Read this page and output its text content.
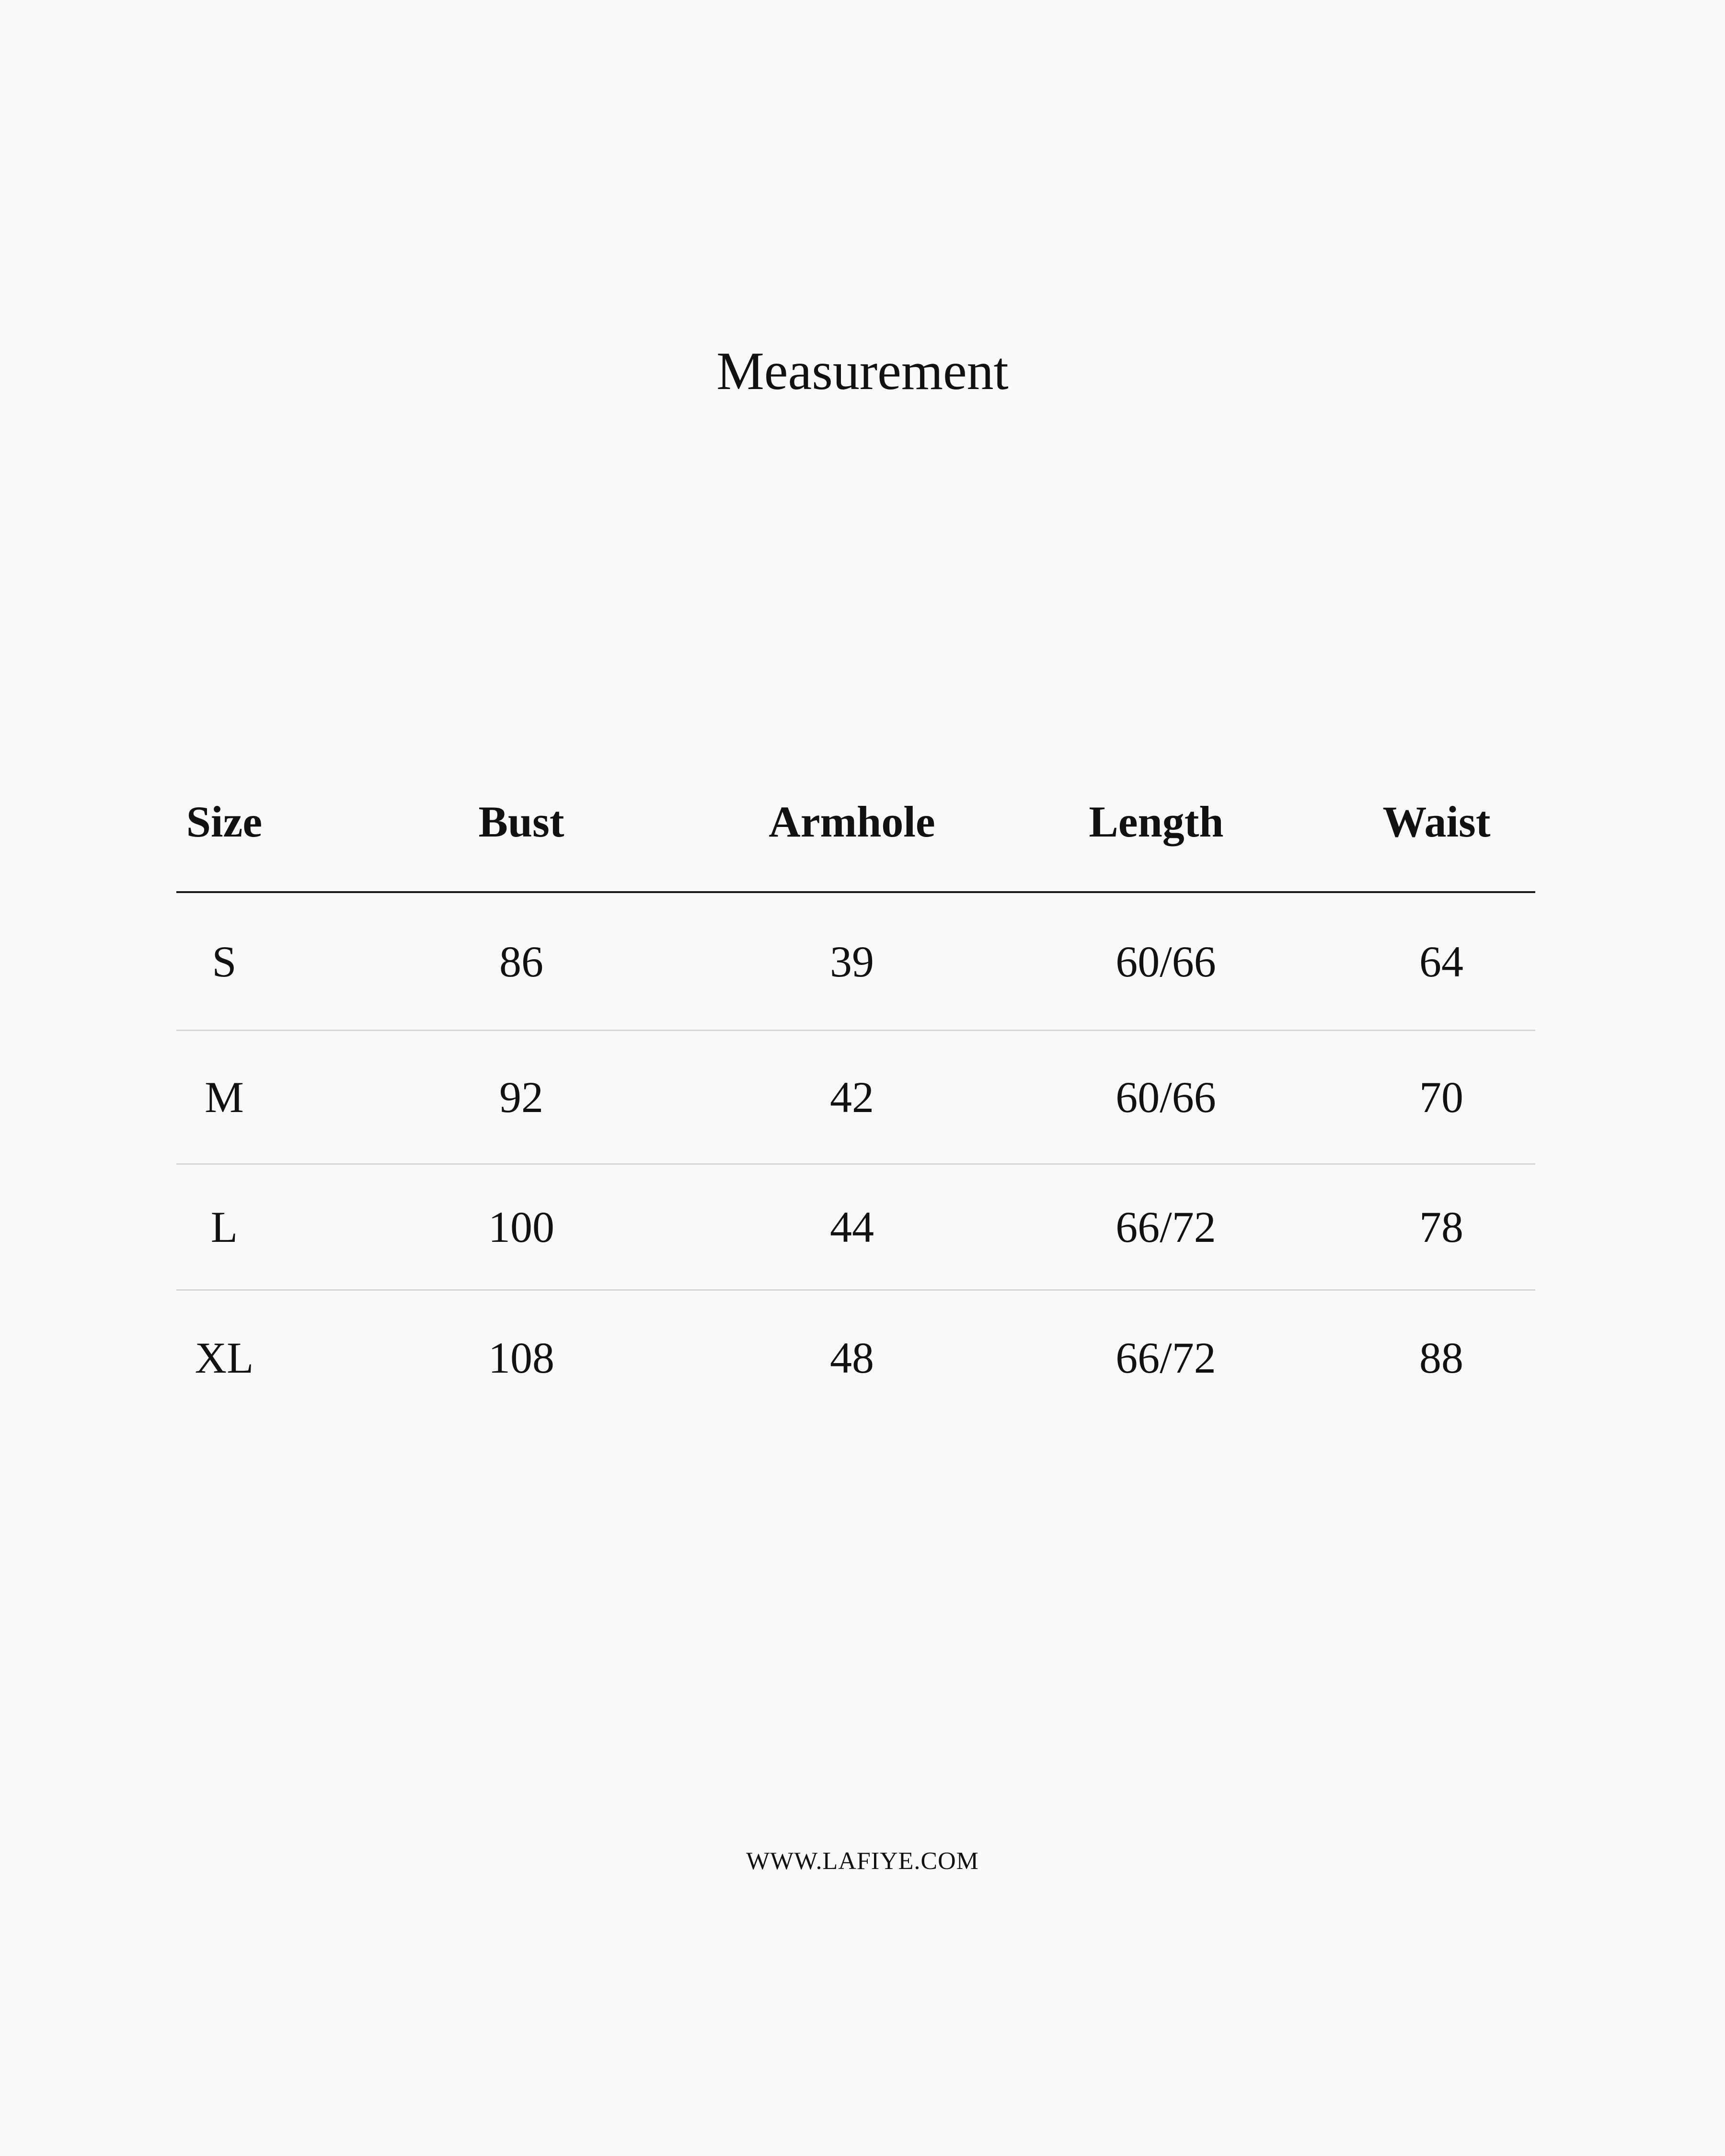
Measurement
Size	Bust	Armhole	Length	Waist
S	86	39	60/66	64
M	92	42	60/66	70
L	100	44	66/72	78
XL	108	48	66/72	88
WWW.LAFIYE.COM
